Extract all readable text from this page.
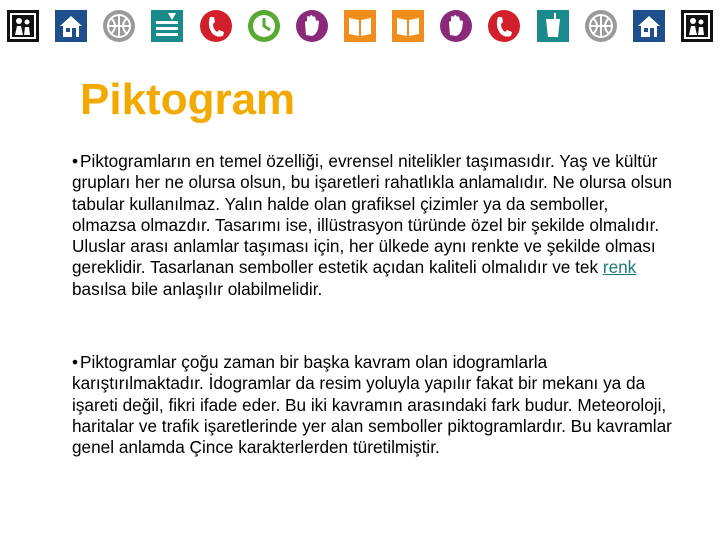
Piktogram

• Piktogramların en temel özelliği, evrensel nitelikler taşımasıdır. Yaş ve kültür grupları her ne olursa olsun, bu işaretleri rahatlıkla anlamalıdır. Ne olursa olsun tabular kullanılmaz. Yalın halde olan grafiksel çizimler ya da semboller, olmazsa olmazdır. Tasarımı ise, illüstrasyon türünde özel bir şekilde olmalıdır. Uluslar arası anlamlar taşıması için, her ülkede aynı renkte ve şekilde olması gereklidir. Tasarlanan semboller estetik açıdan kaliteli olmalıdır ve tek renk basılsa bile anlaşılır olabilmelidir.

• Piktogramlar çoğu zaman bir başka kavram olan idogramlarla karıştırılmaktadır. İdogramlar da resim yoluyla yapılır fakat bir mekanı ya da işareti değil, fikri ifade eder. Bu iki kavramın arasındaki fark budur. Meteoroloji, haritalar ve trafik işaretlerinde yer alan semboller piktogramlardır. Bu kavramlar genel anlamda Çince karakterlerden türetilmiştir.
